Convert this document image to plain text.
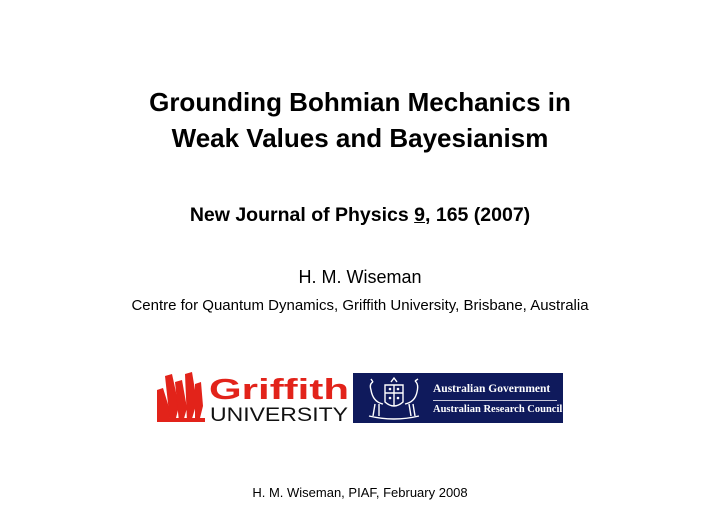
Grounding Bohmian Mechanics in
Weak Values and Bayesianism
New Journal of Physics 9, 165 (2007)
H. M. Wiseman
Centre for Quantum Dynamics, Griffith University, Brisbane, Australia
Griffith
UNIVERSITY
Australian Government
Australian Research Council
H. M. Wiseman, PIAF, February 2008
